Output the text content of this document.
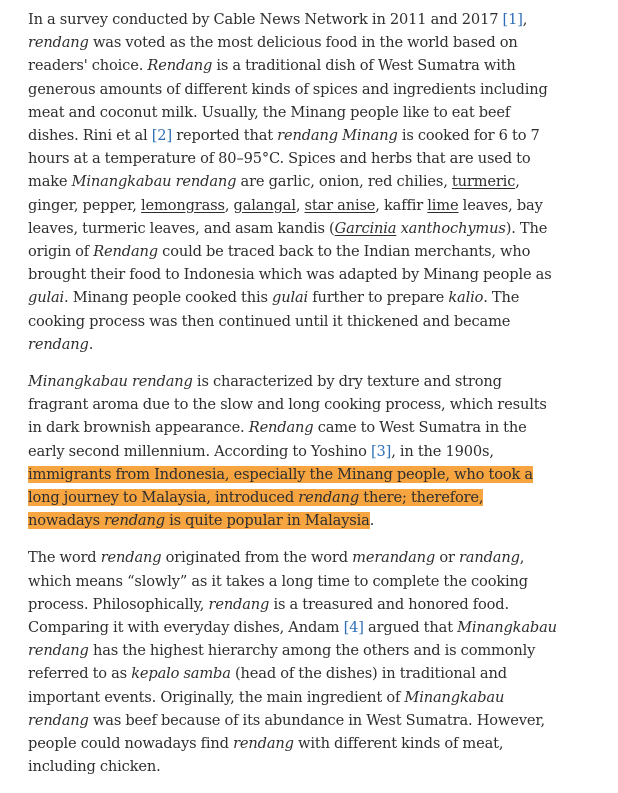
In a survey conducted by Cable News Network in 2011 and 2017 [1], rendang was voted as the most delicious food in the world based on readers' choice. Rendang is a traditional dish of West Sumatra with generous amounts of different kinds of spices and ingredients including meat and coconut milk. Usually, the Minang people like to eat beef dishes. Rini et al [2] reported that rendang Minang is cooked for 6 to 7 hours at a temperature of 80–95°C. Spices and herbs that are used to make Minangkabau rendang are garlic, onion, red chilies, turmeric, ginger, pepper, lemongrass, galangal, star anise, kaffir lime leaves, bay leaves, turmeric leaves, and asam kandis (Garcinia xanthochymus). The origin of Rendang could be traced back to the Indian merchants, who brought their food to Indonesia which was adapted by Minang people as gulai. Minang people cooked this gulai further to prepare kalio. The cooking process was then continued until it thickened and became rendang.

Minangkabau rendang is characterized by dry texture and strong fragrant aroma due to the slow and long cooking process, which results in dark brownish appearance. Rendang came to West Sumatra in the early second millennium. According to Yoshino [3], in the 1900s, immigrants from Indonesia, especially the Minang people, who took a long journey to Malaysia, introduced rendang there; therefore, nowadays rendang is quite popular in Malaysia.

The word rendang originated from the word merandang or randang, which means “slowly” as it takes a long time to complete the cooking process. Philosophically, rendang is a treasured and honored food. Comparing it with everyday dishes, Andam [4] argued that Minangkabau rendang has the highest hierarchy among the others and is commonly referred to as kepalo samba (head of the dishes) in traditional and important events. Originally, the main ingredient of Minangkabau rendang was beef because of its abundance in West Sumatra. However, people could nowadays find rendang with different kinds of meat, including chicken.
